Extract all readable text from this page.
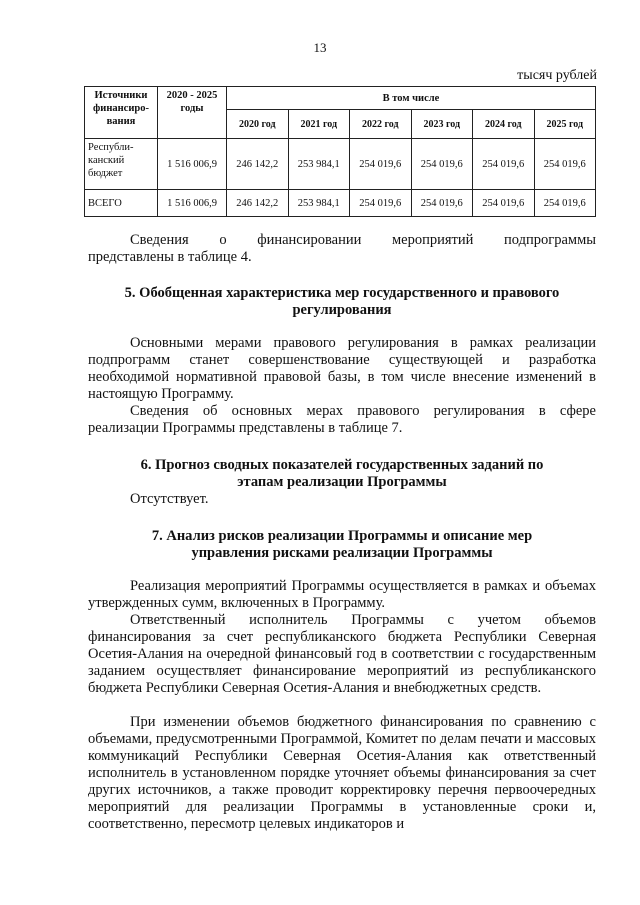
13
тысяч рублей
Источники финансиро-вания	2020 - 2025 годы	В том числе					
		2020 год	2021 год	2022 год	2023 год	2024 год	2025 год
Республи-канский бюджет	1 516 006,9	246 142,2	253 984,1	254 019,6	254 019,6	254 019,6	254 019,6
ВСЕГО	1 516 006,9	246 142,2	253 984,1	254 019,6	254 019,6	254 019,6	254 019,6
Сведения о финансировании мероприятий подпрограммы
представлены в таблице 4.
5. Обобщенная характеристика мер государственного и правового
регулирования
Основными мерами правового регулирования в рамках реализации подпрограмм станет совершенствование существующей и разработка необходимой нормативной правовой базы, в том числе внесение изменений в настоящую Программу.
Сведения об основных мерах правового регулирования в сфере реализации Программы представлены в таблице 7.
6. Прогноз сводных показателей государственных заданий по
этапам реализации Программы
Отсутствует.
7. Анализ рисков реализации Программы и описание мер
управления рисками реализации Программы
Реализация мероприятий Программы осуществляется в рамках и объемах утвержденных сумм, включенных в Программу.
Ответственный исполнитель Программы с учетом объемов финансирования за счет республиканского бюджета Республики Северная Осетия-Алания на очередной финансовый год в соответствии с государственным заданием осуществляет финансирование мероприятий из республиканского бюджета Республики Северная Осетия-Алания и внебюджетных средств.
При изменении объемов бюджетного финансирования по сравнению с объемами, предусмотренными Программой, Комитет по делам печати и массовых коммуникаций Республики Северная Осетия-Алания как ответственный исполнитель в установленном порядке уточняет объемы финансирования за счет других источников, а также проводит корректировку перечня первоочередных мероприятий для реализации Программы в установленные сроки и, соответственно, пересмотр целевых индикаторов и
